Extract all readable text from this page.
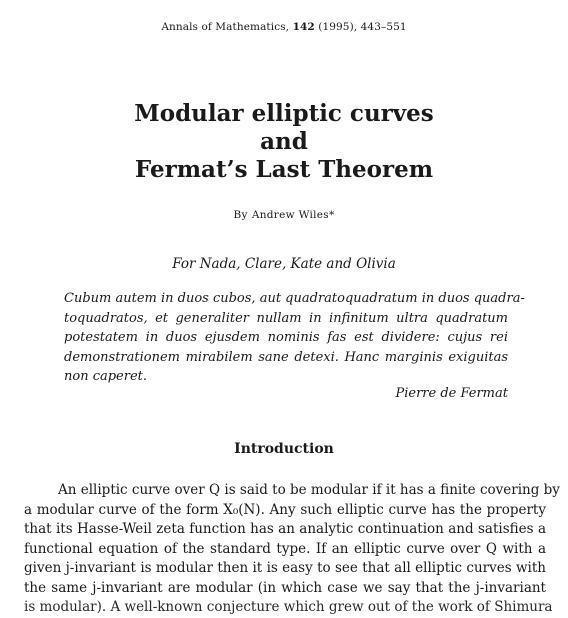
Annals of Mathematics, 142 (1995), 443–551
Modular elliptic curves
and
Fermat’s Last Theorem
By Andrew Wiles*
For Nada, Clare, Kate and Olivia
Cubum autem in duos cubos, aut quadratoquadratum in duos quadra-
toquadratos, et generaliter nullam in infinitum ultra quadratum
potestatem in duos ejusdem nominis fas est dividere: cujus rei
demonstrationem mirabilem sane detexi. Hanc marginis exiguitas
non caperet.
Pierre de Fermat
Introduction
An elliptic curve over Q is said to be modular if it has a finite covering by
a modular curve of the form X₀(N). Any such elliptic curve has the property
that its Hasse-Weil zeta function has an analytic continuation and satisfies a
functional equation of the standard type. If an elliptic curve over Q with a
given j-invariant is modular then it is easy to see that all elliptic curves with
the same j-invariant are modular (in which case we say that the j-invariant
is modular). A well-known conjecture which grew out of the work of Shimura
